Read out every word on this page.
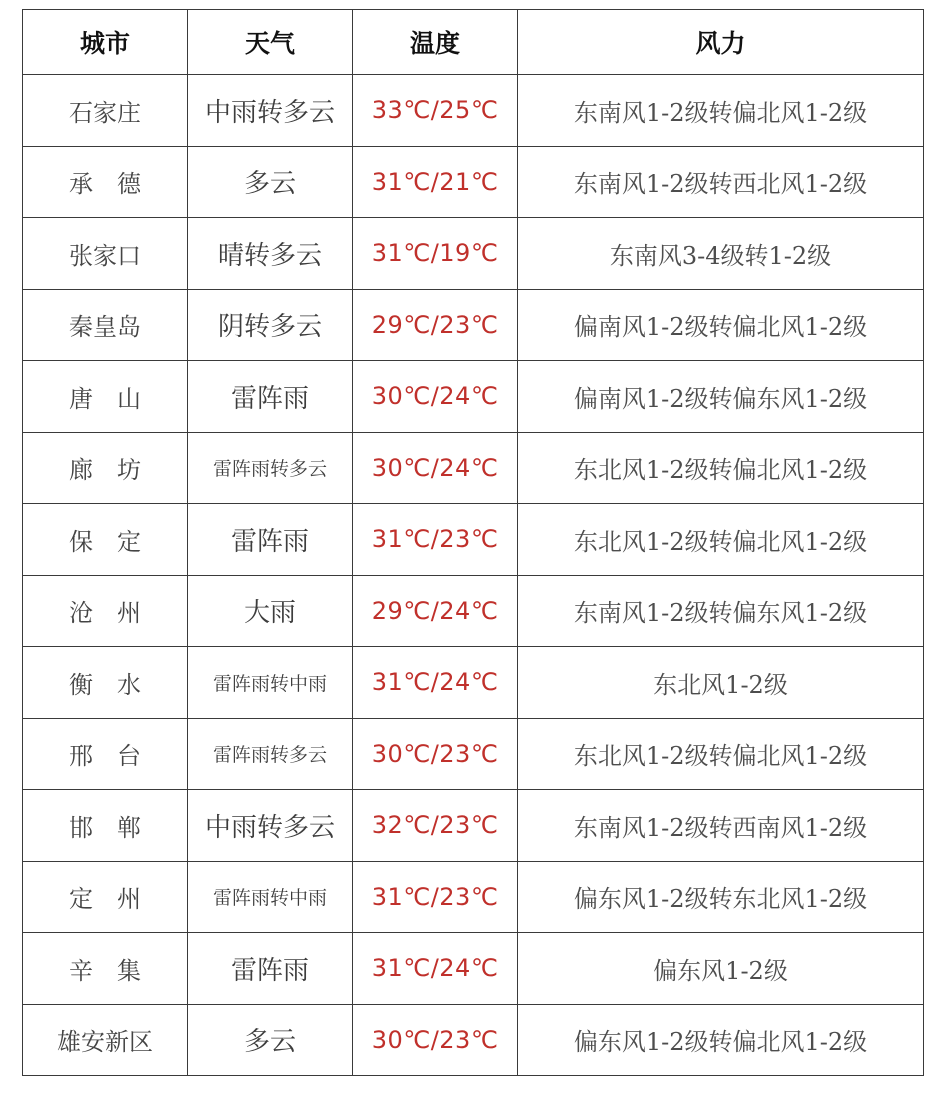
城市	天气	温度	风力
石家庄	中雨转多云	33℃/25℃	东南风1-2级转偏北风1-2级
承　德	多云	31℃/21℃	东南风1-2级转西北风1-2级
张家口	晴转多云	31℃/19℃	东南风3-4级转1-2级
秦皇岛	阴转多云	29℃/23℃	偏南风1-2级转偏北风1-2级
唐　山	雷阵雨	30℃/24℃	偏南风1-2级转偏东风1-2级
廊　坊	雷阵雨转多云	30℃/24℃	东北风1-2级转偏北风1-2级
保　定	雷阵雨	31℃/23℃	东北风1-2级转偏北风1-2级
沧　州	大雨	29℃/24℃	东南风1-2级转偏东风1-2级
衡　水	雷阵雨转中雨	31℃/24℃	东北风1-2级
邢　台	雷阵雨转多云	30℃/23℃	东北风1-2级转偏北风1-2级
邯　郸	中雨转多云	32℃/23℃	东南风1-2级转西南风1-2级
定　州	雷阵雨转中雨	31℃/23℃	偏东风1-2级转东北风1-2级
辛　集	雷阵雨	31℃/24℃	偏东风1-2级
雄安新区	多云	30℃/23℃	偏东风1-2级转偏北风1-2级
